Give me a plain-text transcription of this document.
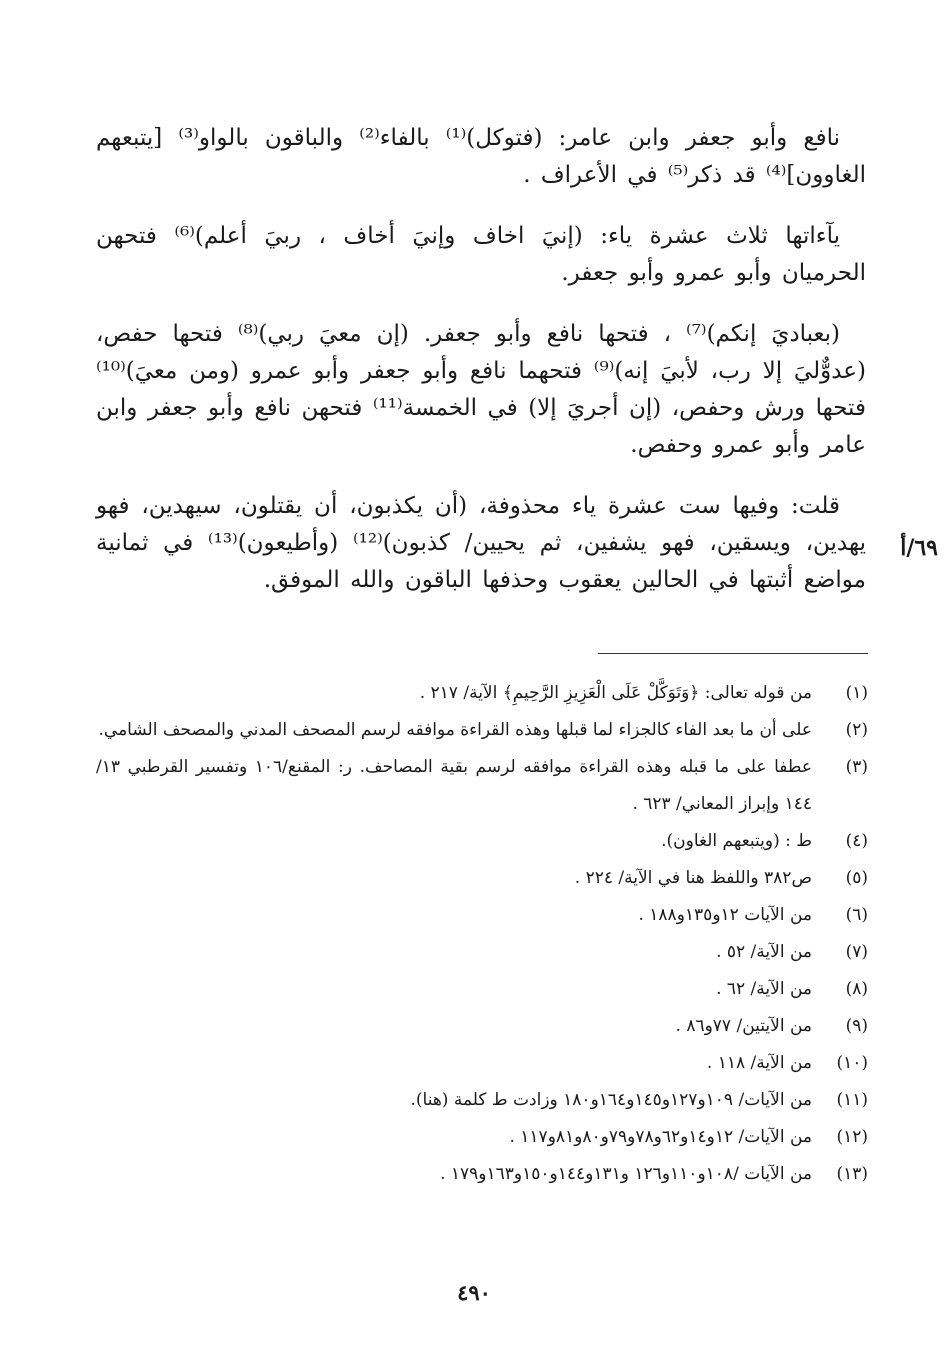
نافع وأبو جعفر وابن عامر: (فتوكل)⁽¹⁾ بالفاء⁽²⁾ والباقون بالواو⁽³⁾ [يتبعهم الغاوون]⁽⁴⁾ قد ذكر⁽⁵⁾ في الأعراف .

يآءاتها ثلاث عشرة ياء: (إنيَ اخاف وإنيَ أخاف ، ربيَ أعلم)⁽⁶⁾ فتحهن الحرميان وأبو عمرو وأبو جعفر.

(بعباديَ إنكم)⁽⁷⁾ ، فتحها نافع وأبو جعفر. (إن معيَ ربي)⁽⁸⁾ فتحها حفص، (عدوٌّليَ إلا رب، لأبيَ إنه)⁽⁹⁾ فتحهما نافع وأبو جعفر وأبو عمرو (ومن معيَ)⁽¹⁰⁾ فتحها ورش وحفص، (إن أجريَ إلا) في الخمسة⁽¹¹⁾ فتحهن نافع وأبو جعفر وابن عامر وأبو عمرو وحفص.

قلت: وفيها ست عشرة ياء محذوفة، (أن يكذبون، أن يقتلون، سيهدين، فهو يهدين، ويسقين، فهو يشفين، ثم يحيين/ كذبون)⁽¹²⁾ (وأطيعون)⁽¹³⁾ في ثمانية مواضع أثبتها في الحالين يعقوب وحذفها الباقون والله الموفق.

٦٩/أ
(١)
من قوله تعالى: ﴿وَتَوَكَّلْ عَلَى الْعَزِيزِ الرَّحِيمِ﴾ الآية/ ٢١٧ .
(٢)
على أن ما بعد الفاء كالجزاء لما قبلها وهذه القراءة موافقه لرسم المصحف المدني والمصحف الشامي.
(٣)
عطفا على ما قبله وهذه القراءة موافقه لرسم بقية المصاحف. ر: المقنع/١٠٦ وتفسير القرطبي ١٣/ ١٤٤ وإبراز المعاني/ ٦٢٣ .
(٤)
ط : (ويتبعهم الغاون).
(٥)
ص٣٨٢ واللفظ هنا في الآية/ ٢٢٤ .
(٦)
من الآيات ١٢و١٣٥و١٨٨ .
(٧)
من الآية/ ٥٢ .
(٨)
من الآية/ ٦٢ .
(٩)
من الآيتين/ ٧٧و٨٦ .
(١٠)
من الآية/ ١١٨ .
(١١)
من الآيات/ ١٠٩و١٢٧و١٤٥و١٦٤و١٨٠ وزادت ط كلمة (هنا).
(١٢)
من الآيات/ ١٢و١٤و٦٢و٧٨و٧٩و٨٠و٨١و١١٧ .
(١٣)
من الآيات /١٠٨و١١٠و١٢٦ و١٣١و١٤٤و١٥٠و١٦٣و١٧٩ .
٤٩٠
